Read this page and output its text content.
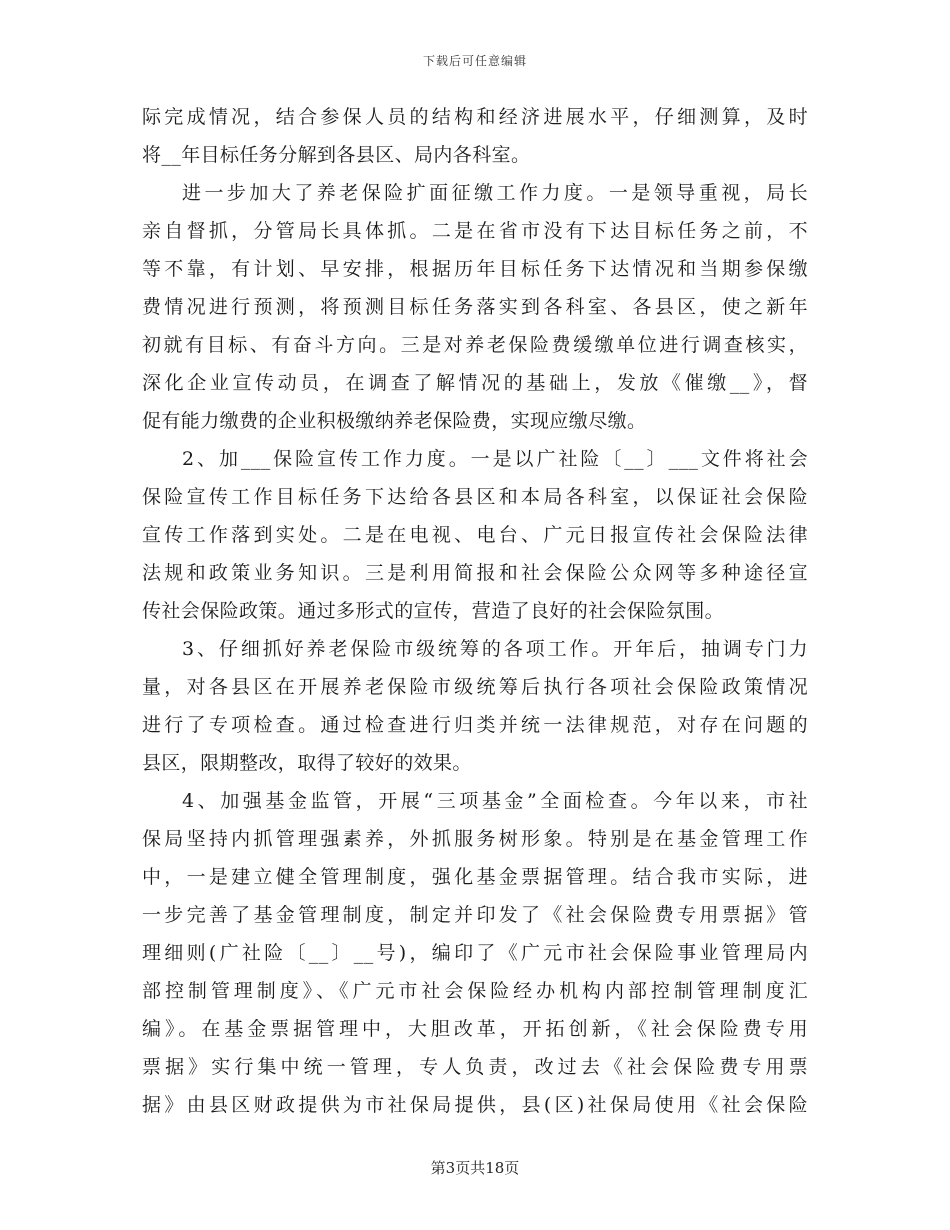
下载后可任意编辑
际完成情况，结合参保人员的结构和经济进展水平，仔细测算，及时
将__年目标任务分解到各县区、局内各科室。
进一步加大了养老保险扩面征缴工作力度。一是领导重视，局长
亲自督抓，分管局长具体抓。二是在省市没有下达目标任务之前，不
等不靠，有计划、早安排，根据历年目标任务下达情况和当期参保缴
费情况进行预测，将预测目标任务落实到各科室、各县区，使之新年
初就有目标、有奋斗方向。三是对养老保险费缓缴单位进行调查核实，
深化企业宣传动员，在调查了解情况的基础上，发放《催缴__》，督
促有能力缴费的企业积极缴纳养老保险费，实现应缴尽缴。
2、加___保险宣传工作力度。一是以广社险〔__〕___文件将社会
保险宣传工作目标任务下达给各县区和本局各科室，以保证社会保险
宣传工作落到实处。二是在电视、电台、广元日报宣传社会保险法律
法规和政策业务知识。三是利用简报和社会保险公众网等多种途径宣
传社会保险政策。通过多形式的宣传，营造了良好的社会保险氛围。
3、仔细抓好养老保险市级统筹的各项工作。开年后，抽调专门力
量，对各县区在开展养老保险市级统筹后执行各项社会保险政策情况
进行了专项检查。通过检查进行归类并统一法律规范，对存在问题的
县区，限期整改，取得了较好的效果。
4、加强基金监管，开展“三项基金”全面检查。今年以来，市社
保局坚持内抓管理强素养，外抓服务树形象。特别是在基金管理工作
中，一是建立健全管理制度，强化基金票据管理。结合我市实际，进
一步完善了基金管理制度，制定并印发了《社会保险费专用票据》管
理细则(广社险〔__〕__号)，编印了《广元市社会保险事业管理局内
部控制管理制度》、《广元市社会保险经办机构内部控制管理制度汇
编》。在基金票据管理中，大胆改革，开拓创新，《社会保险费专用
票据》实行集中统一管理，专人负责，改过去《社会保险费专用票
据》由县区财政提供为市社保局提供，县(区)社保局使用《社会保险
第3页共18页
